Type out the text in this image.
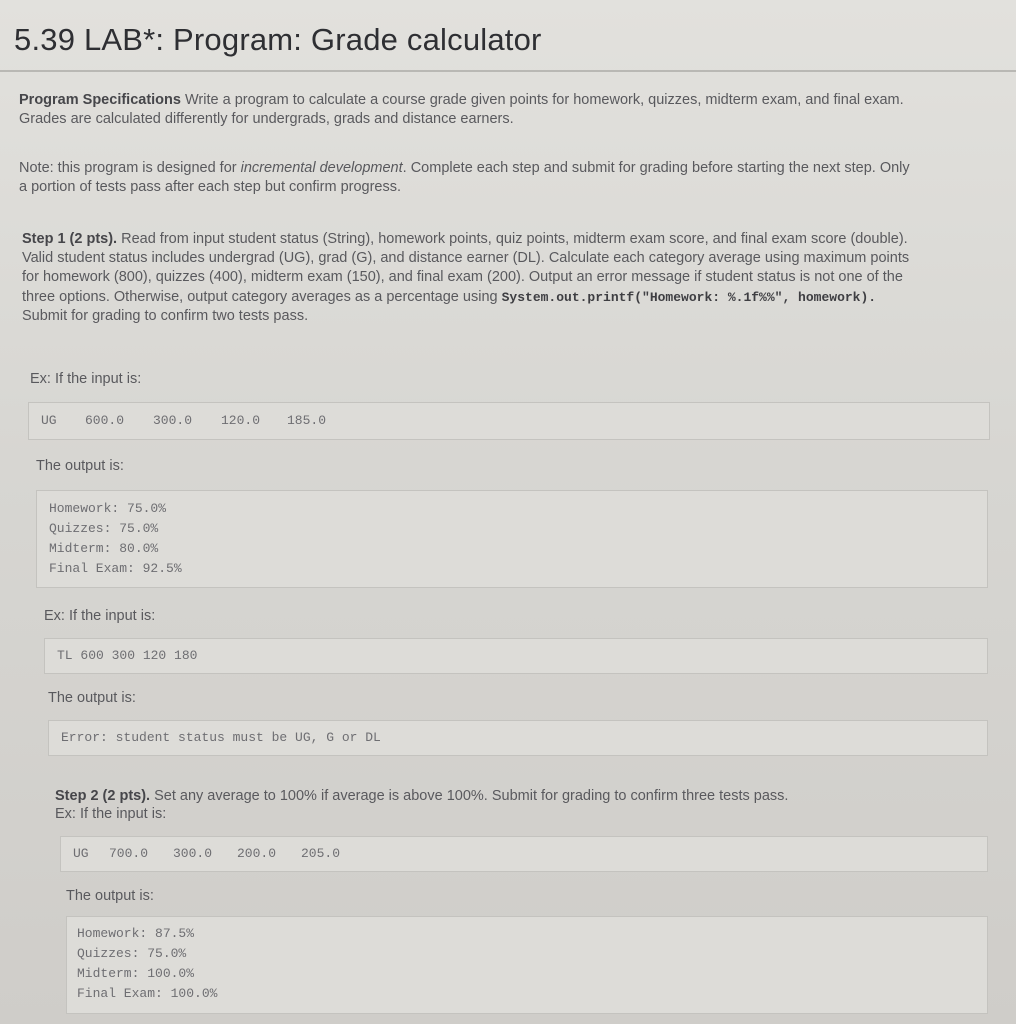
5.39 LAB*: Program: Grade calculator
Program Specifications Write a program to calculate a course grade given points for homework, quizzes, midterm exam, and final exam.
Grades are calculated differently for undergrads, grads and distance earners.
Note: this program is designed for incremental development. Complete each step and submit for grading before starting the next step. Only
a portion of tests pass after each step but confirm progress.
Step 1 (2 pts). Read from input student status (String), homework points, quiz points, midterm exam score, and final exam score (double).
Valid student status includes undergrad (UG), grad (G), and distance earner (DL). Calculate each category average using maximum points
for homework (800), quizzes (400), midterm exam (150), and final exam (200). Output an error message if student status is not one of the
three options. Otherwise, output category averages as a percentage using System.out.printf("Homework: %.1f%%", homework).
Submit for grading to confirm two tests pass.
Ex: If the input is:
UG 600.0 300.0 120.0 185.0
The output is:
Homework: 75.0%
Quizzes: 75.0%
Midterm: 80.0%
Final Exam: 92.5%
Ex: If the input is:
TL 600 300 120 180
The output is:
Error: student status must be UG, G or DL
Step 2 (2 pts). Set any average to 100% if average is above 100%. Submit for grading to confirm three tests pass.
Ex: If the input is:
UG 700.0 300.0 200.0 205.0
The output is:
Homework: 87.5%
Quizzes: 75.0%
Midterm: 100.0%
Final Exam: 100.0%
